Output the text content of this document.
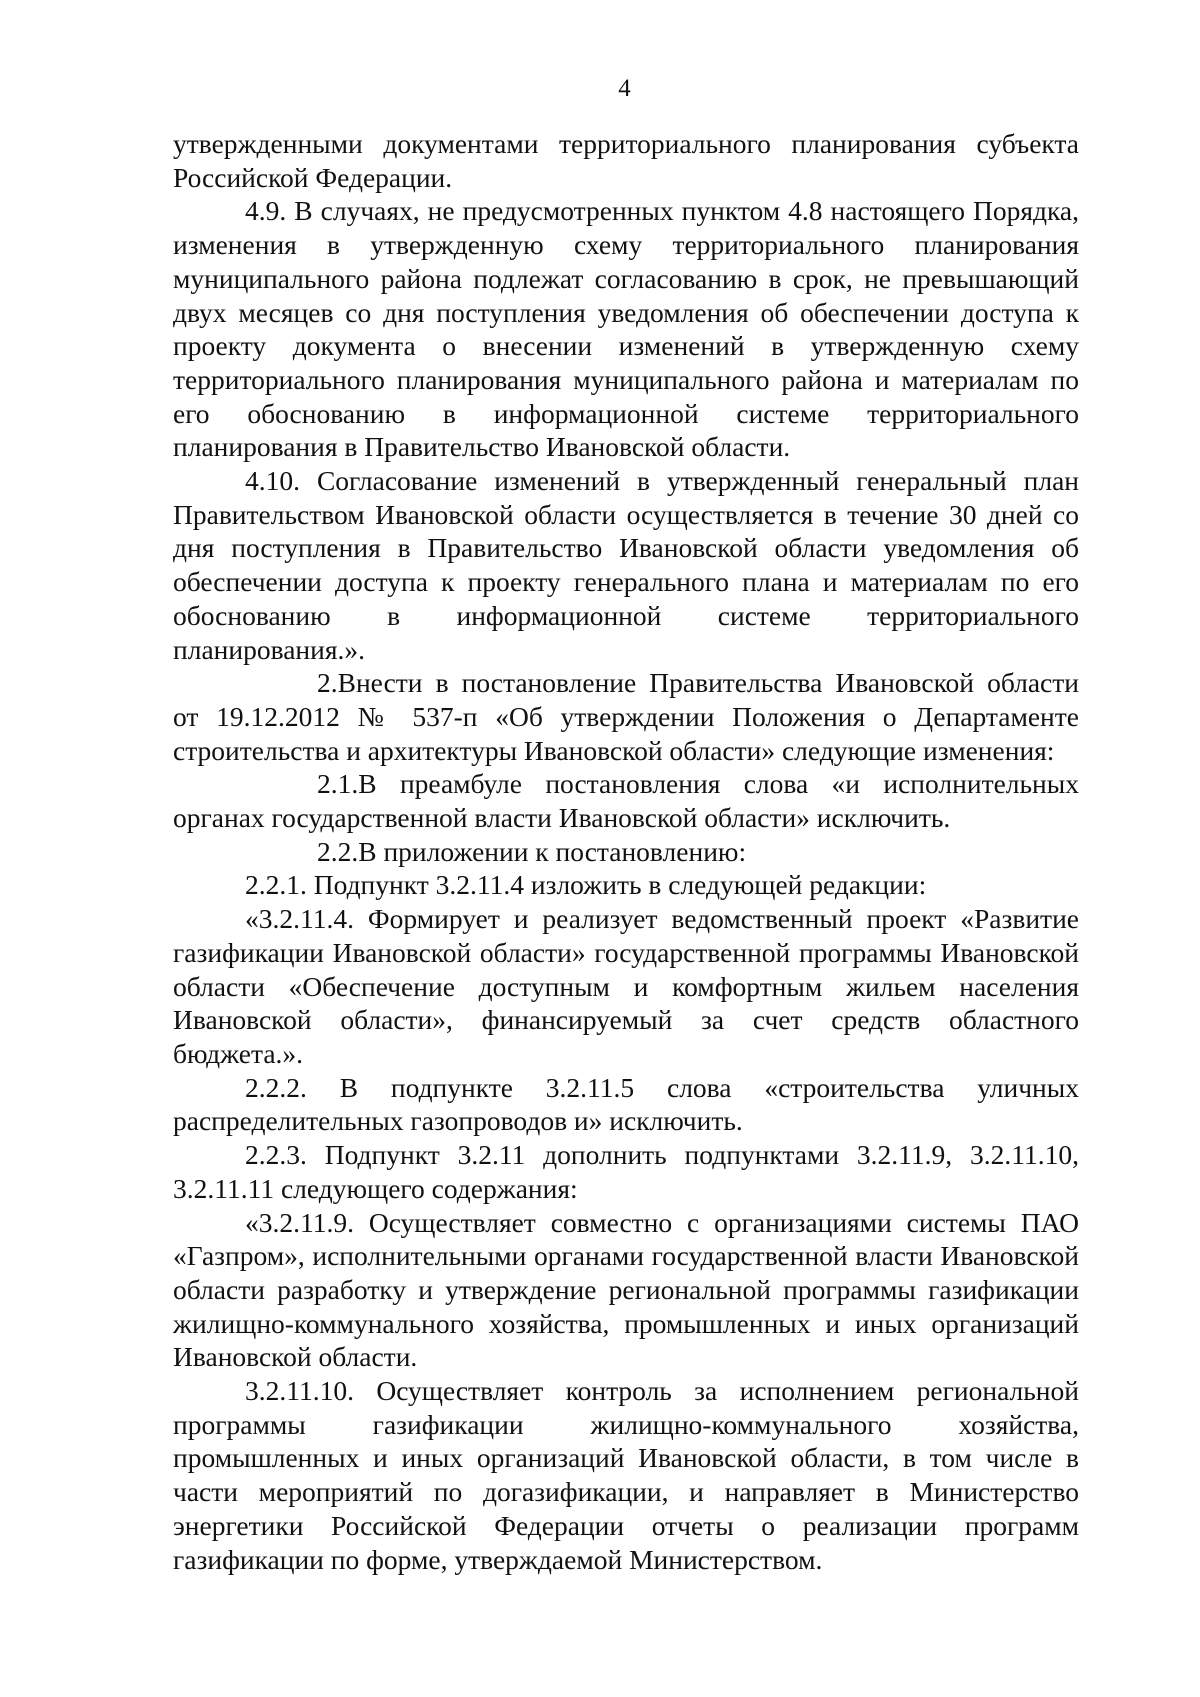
4

утвержденными документами территориального планирования субъекта Российской Федерации.

4.9. В случаях, не предусмотренных пунктом 4.8 настоящего Порядка, изменения в утвержденную схему территориального планирования муниципального района подлежат согласованию в срок, не превышающий двух месяцев со дня поступления уведомления об обеспечении доступа к проекту документа о внесении изменений в утвержденную схему территориального планирования муниципального района и материалам по его обоснованию в информационной системе территориального планирования в Правительство Ивановской области.

4.10. Согласование изменений в утвержденный генеральный план Правительством Ивановской области осуществляется в течение 30 дней со дня поступления в Правительство Ивановской области уведомления об обеспечении доступа к проекту генерального плана и материалам по его обоснованию в информационной системе территориального планирования.».

2.Внести в постановление Правительства Ивановской области от 19.12.2012 № 537-п «Об утверждении Положения о Департаменте строительства и архитектуры Ивановской области» следующие изменения:

2.1.В преамбуле постановления слова «и исполнительных органах государственной власти Ивановской области» исключить.

2.2.В приложении к постановлению:

2.2.1. Подпункт 3.2.11.4 изложить в следующей редакции:

«3.2.11.4. Формирует и реализует ведомственный проект «Развитие газификации Ивановской области» государственной программы Ивановской области «Обеспечение доступным и комфортным жильем населения Ивановской области», финансируемый за счет средств областного бюджета.».

2.2.2. В подпункте 3.2.11.5 слова «строительства уличных распределительных газопроводов и» исключить.

2.2.3. Подпункт 3.2.11 дополнить подпунктами 3.2.11.9, 3.2.11.10, 3.2.11.11 следующего содержания:

«3.2.11.9. Осуществляет совместно с организациями системы ПАО «Газпром», исполнительными органами государственной власти Ивановской области разработку и утверждение региональной программы газификации жилищно-коммунального хозяйства, промышленных и иных организаций Ивановской области.

3.2.11.10. Осуществляет контроль за исполнением региональной программы газификации жилищно-коммунального хозяйства, промышленных и иных организаций Ивановской области, в том числе в части мероприятий по догазификации, и направляет в Министерство энергетики Российской Федерации отчеты о реализации программ газификации по форме, утверждаемой Министерством.
